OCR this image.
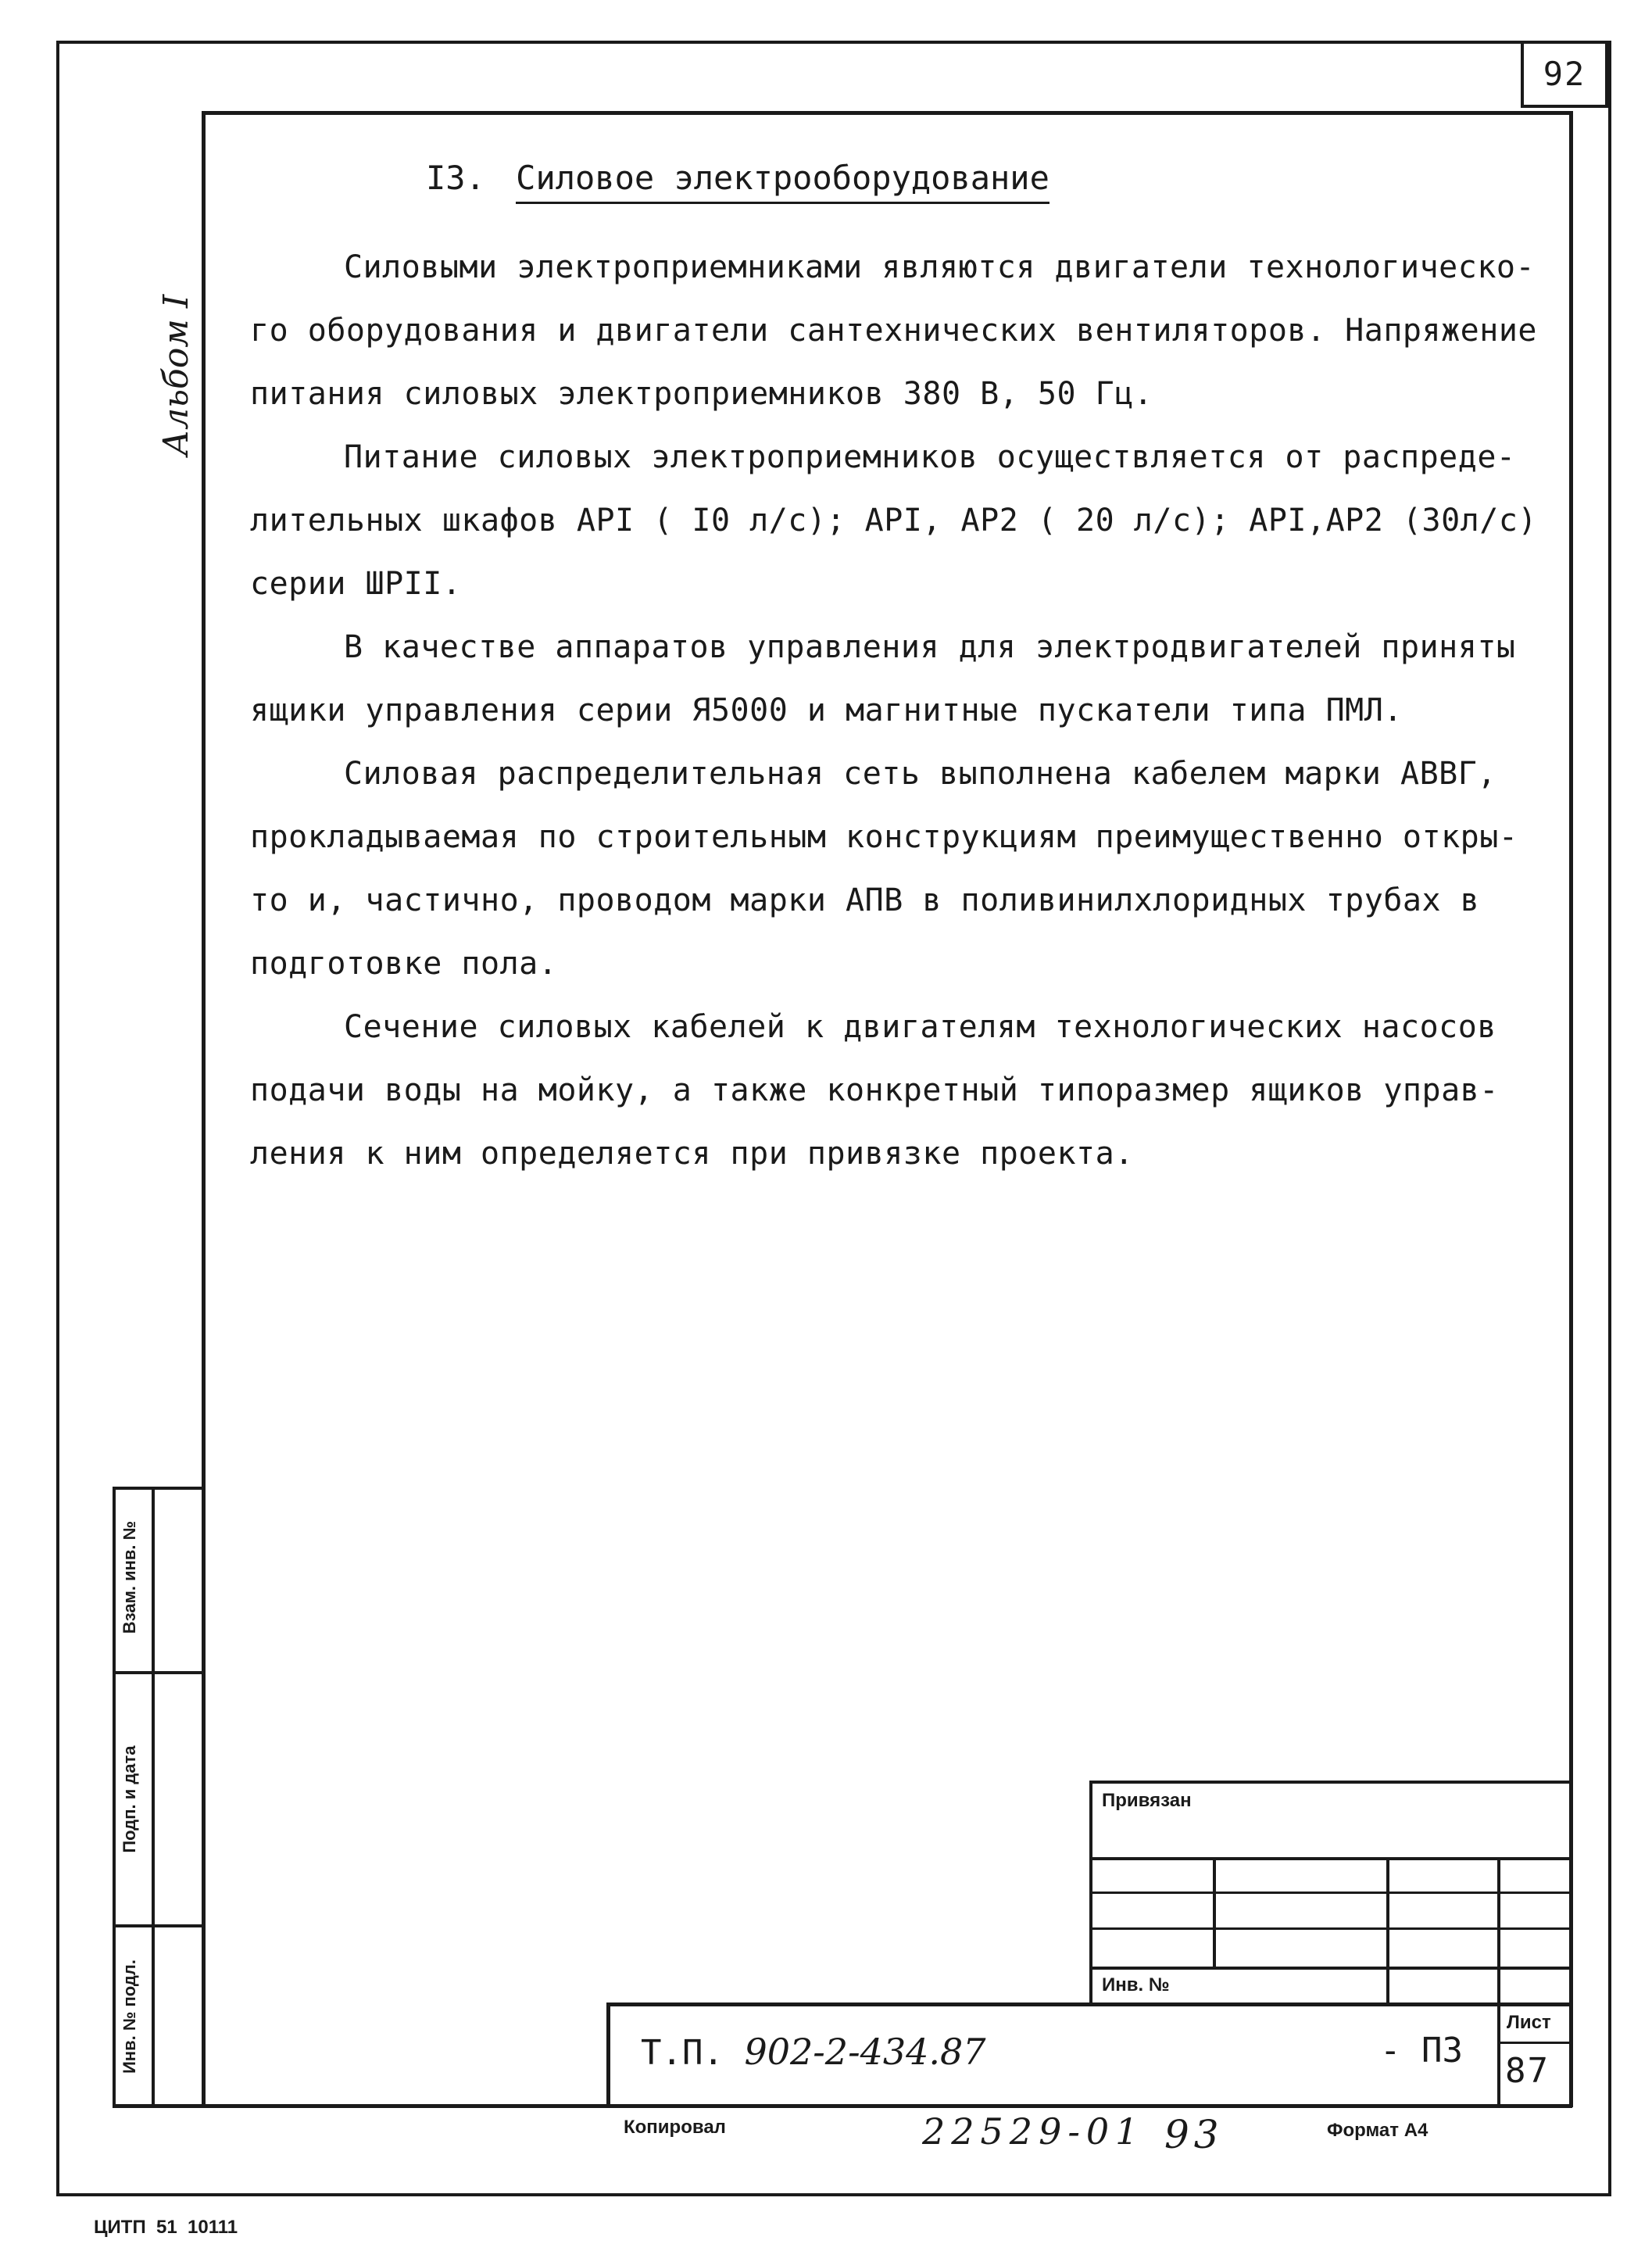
92
Альбом I
I3. Силовое электрооборудование

Силовыми электроприемниками являются двигатели технологическо-

го оборудования и двигатели сантехнических вентиляторов. Напряжение

питания силовых электроприемников 380 В, 50 Гц.

Питание силовых электроприемников осуществляется от распреде-

лительных шкафов АРI ( I0 л/с); АРI, АР2 ( 20 л/с); АРI,АР2 (30л/с)

серии ШРII.

В качестве аппаратов управления для электродвигателей приняты

ящики управления серии Я5000 и магнитные пускатели типа ПМЛ.

Силовая распределительная сеть выполнена кабелем марки АВВГ,

прокладываемая по строительным конструкциям преимущественно откры-

то и, частично, проводом марки АПВ в поливинилхлоридных трубах в

подготовке пола.

Сечение силовых кабелей к двигателям технологических насосов

подачи воды на мойку, а также конкретный типоразмер ящиков управ-

ления к ним определяется при привязке проекта.

Взам. инв. №
Подп. и дата
Инв. № подл.
Привязан
Инв. №
Т.П. 902-2-434.87	- ПЗ
Лист
87
Копировал	22529-01 93	Формат А4
ЦИТП  51  10111
